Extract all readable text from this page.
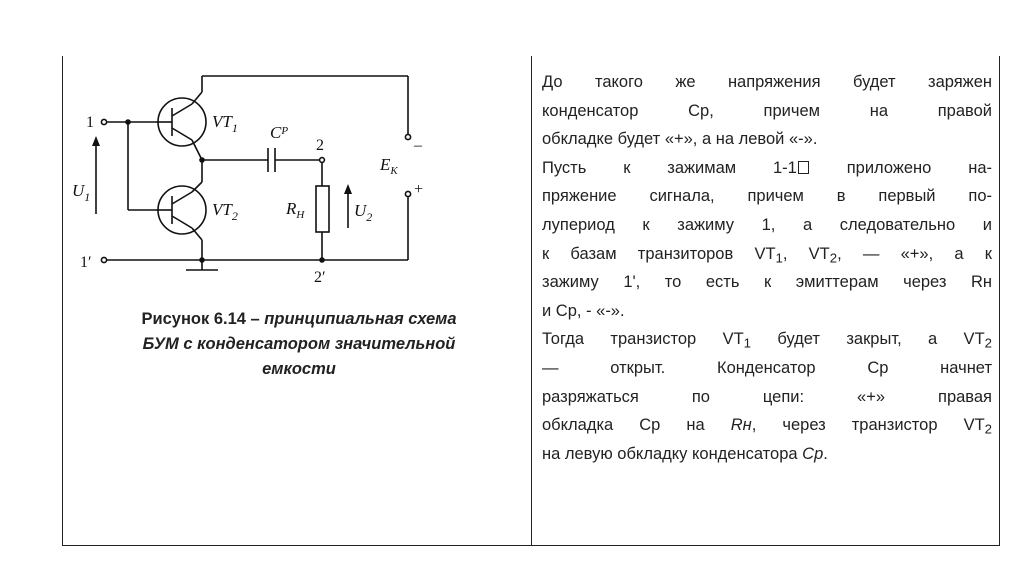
1
1′
2
2′
$VT_1$
$VT_2$
$C^P$
$R_H$
$E_K$
$U_1$
$U_2$
–
+
Рисунок 6.14 – принципиальная схема
БУМ с конденсатором значительной
емкости

До такого же напряжения будет заряжен

конденсатор Ср, причем на правой

обкладке будет «+», а на левой «-».

Пусть к зажимам 1-1 приложено на-

пряжение сигнала, причем в первый по-

лупериод к зажиму 1, а следовательно и

к базам транзиторов $VT_1$, $VT_2$, — «+», а к

зажиму 1', то есть к эмиттерам через Rн

и Ср, - «-».

Тогда транзистор $VT_1$ будет закрыт, а $VT_2$

— открыт. Конденсатор Ср начнет

разряжаться по цепи: «+» правая

обкладка Ср на Rн, через транзистор $VT_2$

на левую обкладку конденсатора Ср.
